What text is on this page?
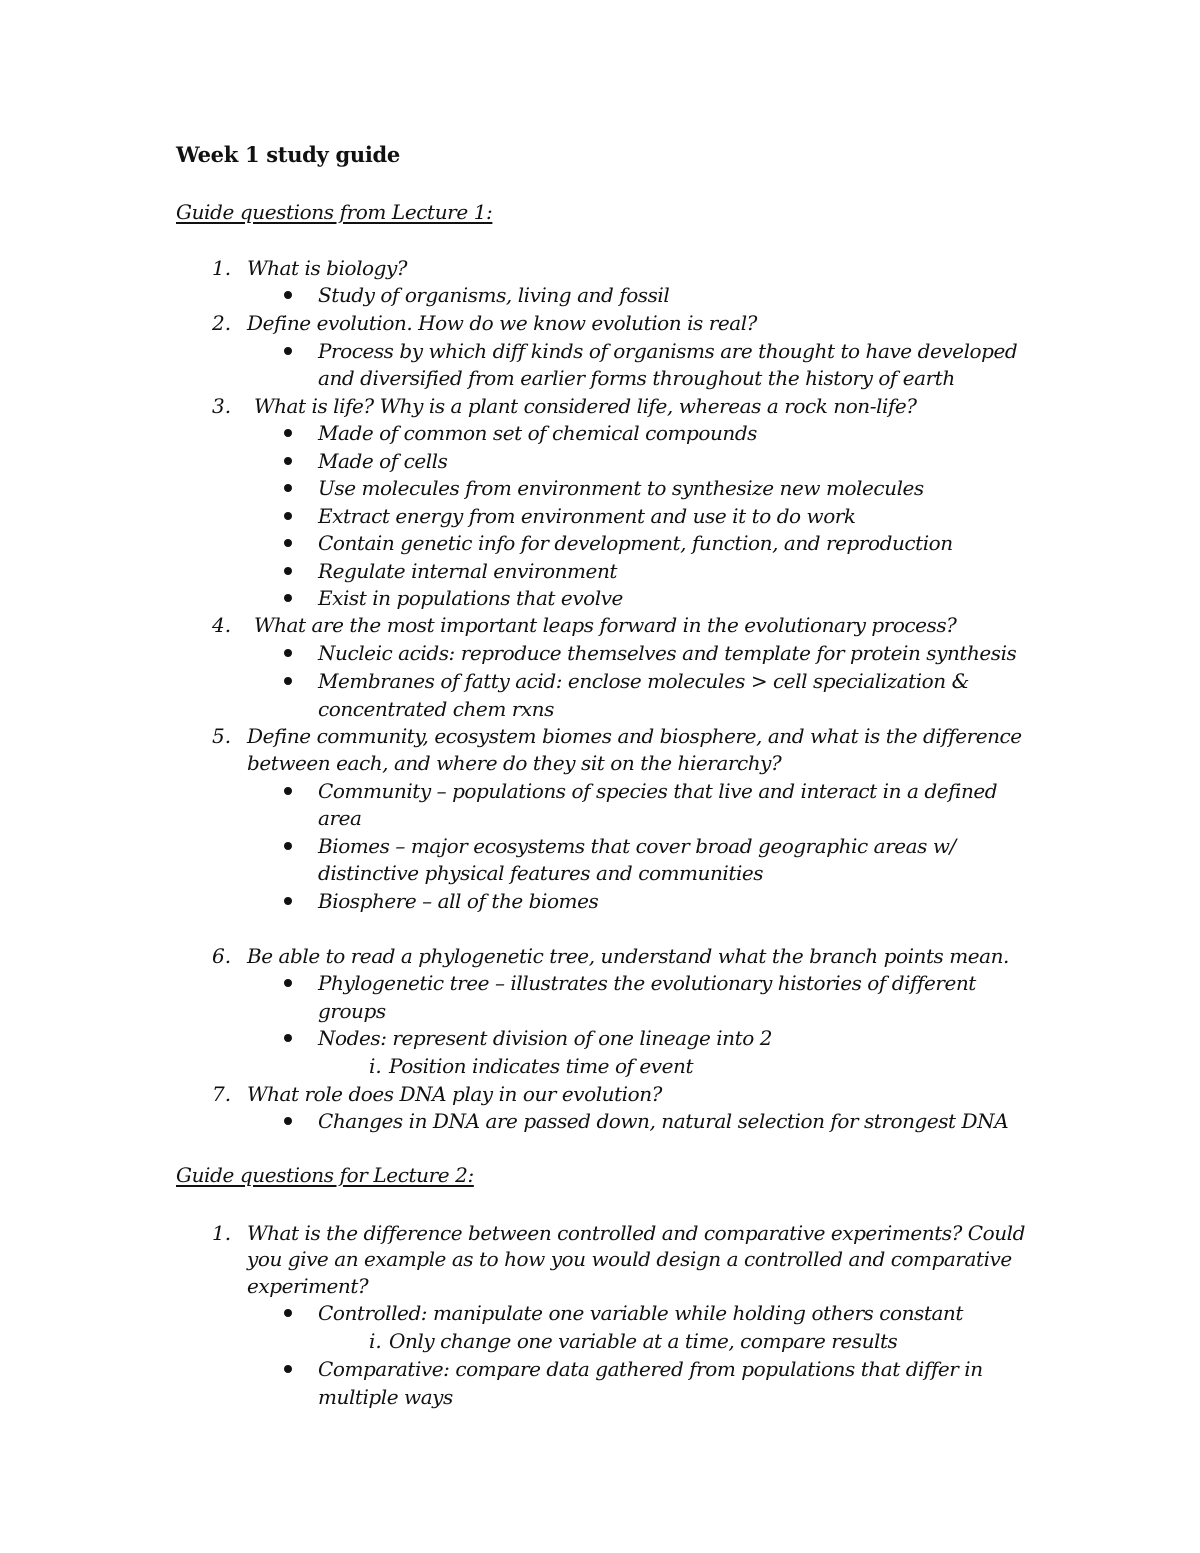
Week 1 study guide
Guide questions from Lecture 1:
1. What is biology?
Study of organisms, living and fossil
2. Define evolution. How do we know evolution is real?
Process by which diff kinds of organisms are thought to have developed
and diversified from earlier forms throughout the history of earth
3. What is life? Why is a plant considered life, whereas a rock non-life?
Made of common set of chemical compounds
Made of cells
Use molecules from environment to synthesize new molecules
Extract energy from environment and use it to do work
Contain genetic info for development, function, and reproduction
Regulate internal environment
Exist in populations that evolve
4. What are the most important leaps forward in the evolutionary process?
Nucleic acids: reproduce themselves and template for protein synthesis
Membranes of fatty acid: enclose molecules > cell specialization &
concentrated chem rxns
5. Define community, ecosystem biomes and biosphere, and what is the difference
between each, and where do they sit on the hierarchy?
Community – populations of species that live and interact in a defined
area
Biomes – major ecosystems that cover broad geographic areas w/
distinctive physical features and communities
Biosphere – all of the biomes
6. Be able to read a phylogenetic tree, understand what the branch points mean.
Phylogenetic tree – illustrates the evolutionary histories of different
groups
Nodes: represent division of one lineage into 2
i. Position indicates time of event
7. What role does DNA play in our evolution?
Changes in DNA are passed down, natural selection for strongest DNA
Guide questions for Lecture 2:
1. What is the difference between controlled and comparative experiments? Could
you give an example as to how you would design a controlled and comparative
experiment?
Controlled: manipulate one variable while holding others constant
i. Only change one variable at a time, compare results
Comparative: compare data gathered from populations that differ in
multiple ways
